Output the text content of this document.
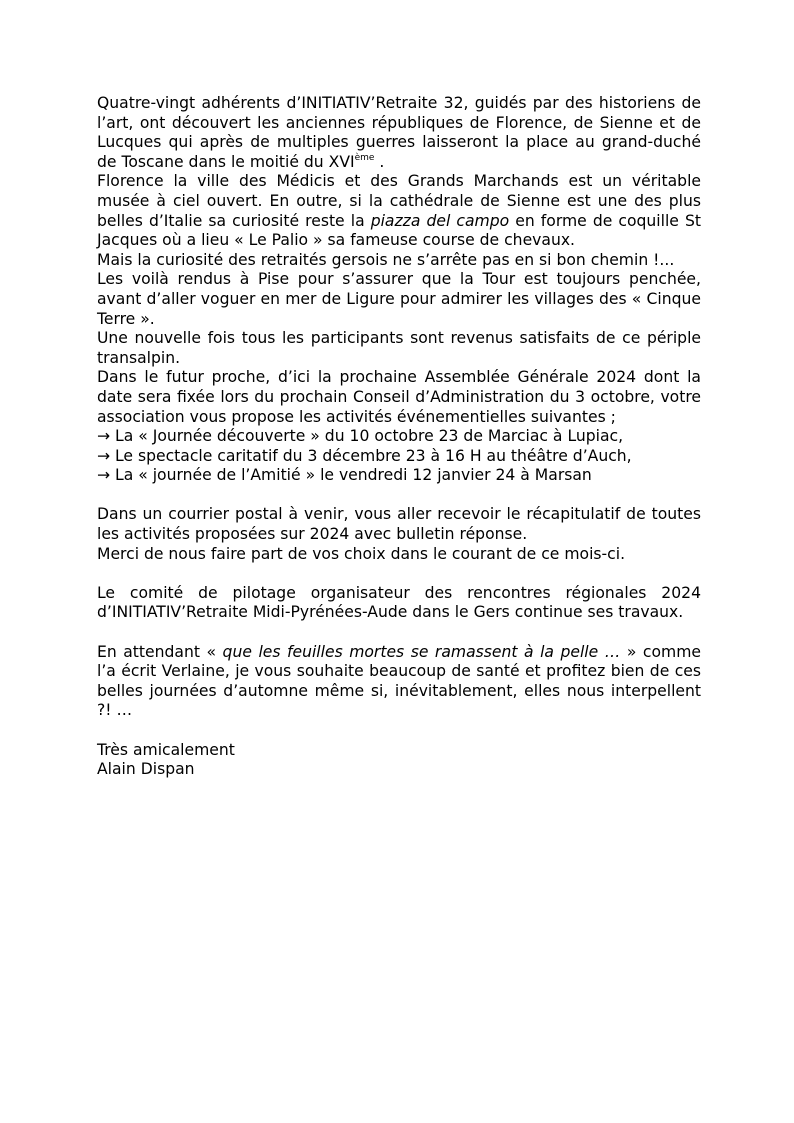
Quatre-vingt adhérents d’INITIATIV’Retraite 32, guidés par des historiens de l’art, ont découvert les anciennes républiques de Florence, de Sienne et de Lucques qui après de multiples guerres laisseront la place au grand-duché de Toscane dans le moitié du XVIème .

Florence la ville des Médicis et des Grands Marchands est un véritable musée à ciel ouvert. En outre, si la cathédrale de Sienne est une des plus belles d’Italie sa curiosité reste la piazza del campo en forme de coquille St Jacques où a lieu « Le Palio » sa fameuse course de chevaux.

Mais la curiosité des retraités gersois ne s’arrête pas en si bon chemin !...

Les voilà rendus à Pise pour s’assurer que la Tour est toujours penchée, avant d’aller voguer en mer de Ligure pour admirer les villages des « Cinque Terre ».

Une nouvelle fois tous les participants sont revenus satisfaits de ce périple transalpin.

Dans le futur proche, d’ici la prochaine Assemblée Générale 2024 dont la date sera fixée lors du prochain Conseil d’Administration du 3 octobre, votre association vous propose les activités événementielles suivantes ;

→ La « Journée découverte » du 10 octobre 23 de Marciac à Lupiac,
→ Le spectacle caritatif du 3 décembre 23 à 16 H au théâtre d’Auch,
→ La « journée de l’Amitié » le vendredi 12 janvier 24 à Marsan

Dans un courrier postal à venir, vous aller recevoir le récapitulatif de toutes les activités proposées sur 2024 avec bulletin réponse.

Merci de nous faire part de vos choix dans le courant de ce mois-ci.

Le comité de pilotage organisateur des rencontres régionales 2024 d’INITIATIV’Retraite Midi-Pyrénées-Aude dans le Gers continue ses travaux.

En attendant « que les feuilles mortes se ramassent à la pelle … » comme l’a écrit Verlaine, je vous souhaite beaucoup de santé et profitez bien de ces belles journées d’automne même si, inévitablement, elles nous interpellent ?! …

Très amicalement

Alain Dispan
